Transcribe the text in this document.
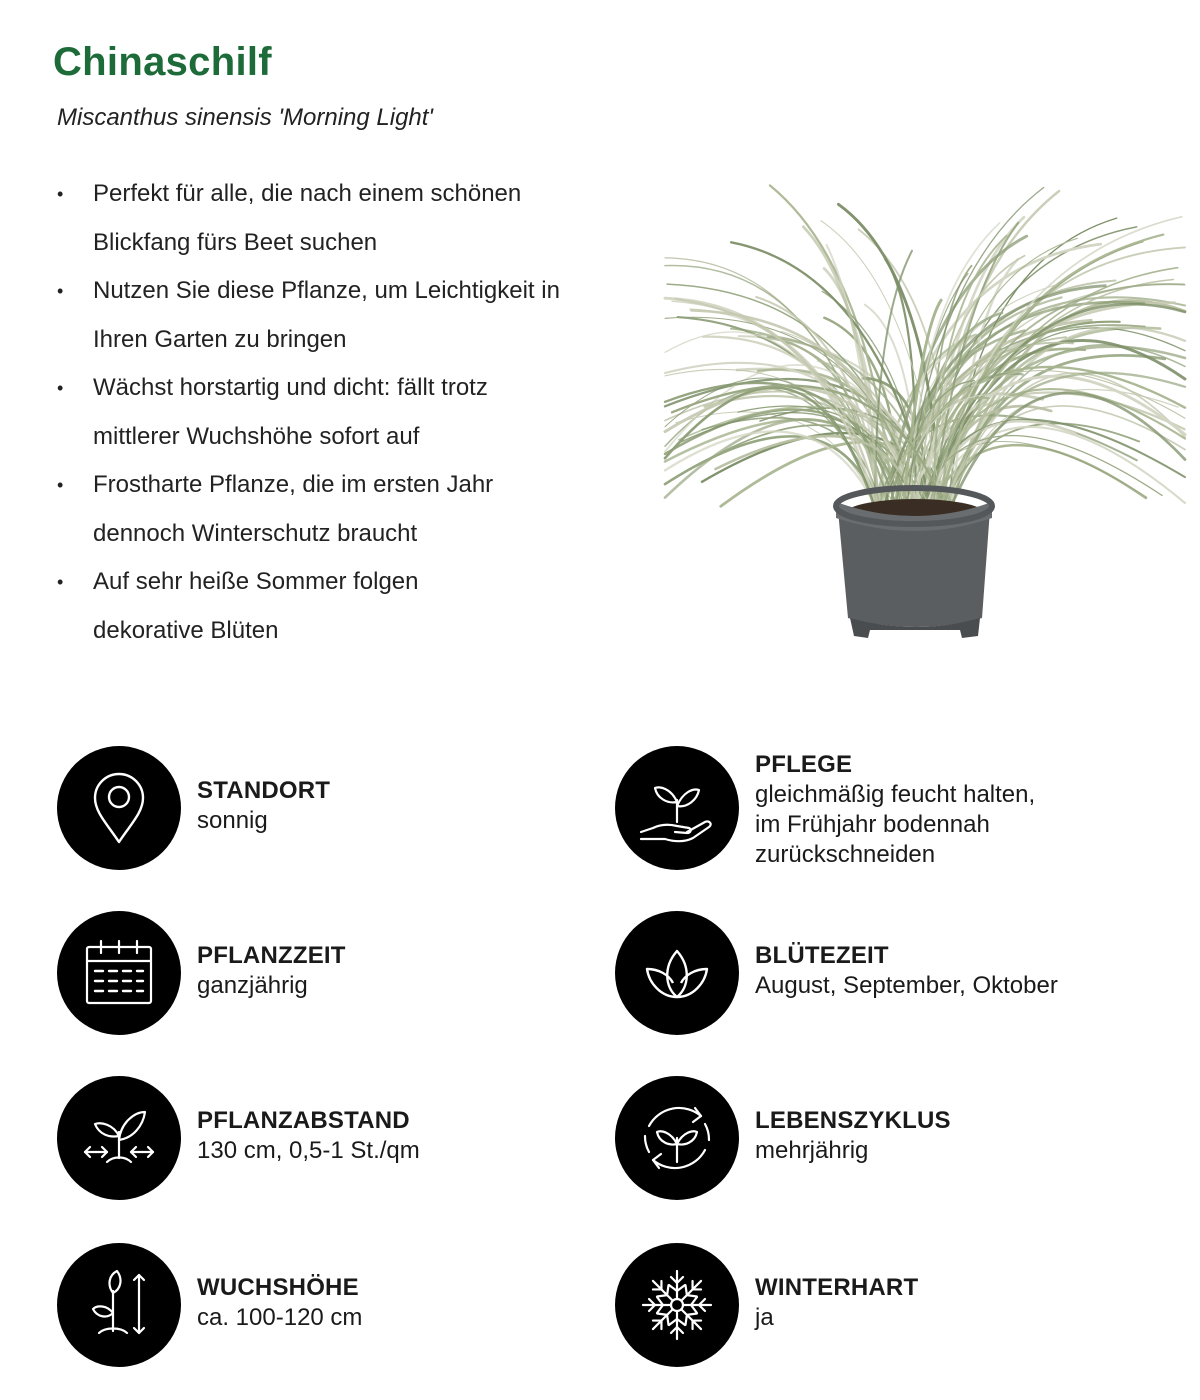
Chinaschilf
Miscanthus sinensis 'Morning Light'
• Perfekt für alle, die nach einem schönen
Blickfang fürs Beet suchen
• Nutzen Sie diese Pflanze, um Leichtigkeit in
Ihren Garten zu bringen
• Wächst horstartig und dicht: fällt trotz
mittlerer Wuchshöhe sofort auf
• Frostharte Pflanze, die im ersten Jahr
dennoch Winterschutz braucht
• Auf sehr heiße Sommer folgen
dekorative Blüten
STANDORT
sonnig
PFLEGE
gleichmäßig feucht halten,
im Frühjahr bodennah
zurückschneiden
PFLANZZEIT
ganzjährig
BLÜTEZEIT
August, September, Oktober
PFLANZABSTAND
130 cm, 0,5-1 St./qm
LEBENSZYKLUS
mehrjährig
WUCHSHÖHE
ca. 100-120 cm
WINTERHART
ja
